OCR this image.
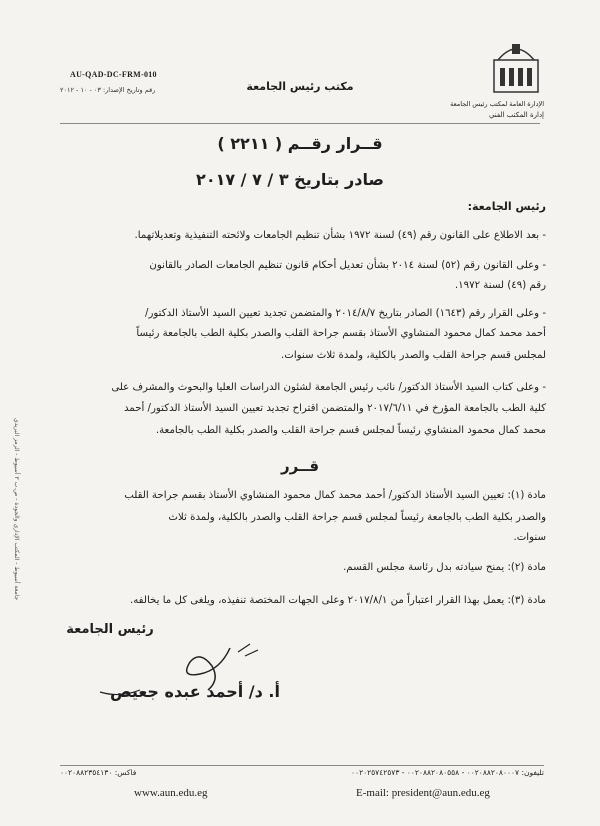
AU-QAD-DC-FRM-010
رقم وتاريخ الإصدار: ٠٣ - ١٠ - ٢٠١٢	مكتب رئيس الجامعة
الإدارة العامة لمكتب رئيس الجامعة
إدارة المكتب الفني
قــرار رقــم ( ٢٢١١ )
صادر بتاريخ ٣ / ٧ / ٢٠١٧
رئيس الجامعة:
- بعد الاطلاع على القانون رقم (٤٩) لسنة ١٩٧٢ بشأن تنظيم الجامعات ولائحته التنفيذية وتعديلاتهما.
- وعلى القانون رقم (٥٢) لسنة ٢٠١٤ بشأن تعديل أحكام قانون تنظيم الجامعات الصادر بالقانون
رقم (٤٩) لسنة ١٩٧٢.
- وعلى القرار رقم (١٦٤٣) الصادر بتاريخ ٢٠١٤/٨/٧ والمتضمن تجديد تعيين السيد الأستاذ الدكتور/
أحمد محمد كمال محمود المنشاوي الأستاذ بقسم جراحة القلب والصدر بكلية الطب بالجامعة رئيساً
لمجلس قسم جراحة القلب والصدر بالكلية، ولمدة ثلاث سنوات.
- وعلى كتاب السيد الأستاذ الدكتور/ نائب رئيس الجامعة لشئون الدراسات العليا والبحوث والمشرف على
كلية الطب بالجامعة المؤرخ في ٢٠١٧/٦/١١ والمتضمن اقتراح تجديد تعيين السيد الأستاذ الدكتور/ أحمد
محمد كمال محمود المنشاوي رئيساً لمجلس قسم جراحة القلب والصدر بكلية الطب بالجامعة.
قــرر
مادة (١): تعيين السيد الأستاذ الدكتور/ أحمد محمد كمال محمود المنشاوي الأستاذ بقسم جراحة القلب
والصدر بكلية الطب بالجامعة رئيساً لمجلس قسم جراحة القلب والصدر بالكلية، ولمدة ثلاث
سنوات.
مادة (٢): يمنح سيادته بدل رئاسة مجلس القسم.
مادة (٣): يعمل بهذا القرار اعتباراً من ٢٠١٧/٨/١ وعلى الجهات المختصة تنفيذه، ويلغى كل ما يخالفه.
رئيس الجامعة
أ. د/ أحمد عبده جعيص
جامعة أسيوط - المكتب الإداري والجودة - ص.ب ٣ أسيوط - الرمز البريدي
تليفون: ٠٠٢٠٨٨٢٠٨٠٠٠٧ - ٠٠٢٠٨٨٢٠٨٠٥٥٨ - ٠٠٢٠٢٥٧٤٢٥٧٣
فاكس: ٠٠٢٠٨٨٢٣٥٤١٣٠
www.aun.edu.eg	E-mail: president@aun.edu.eg
